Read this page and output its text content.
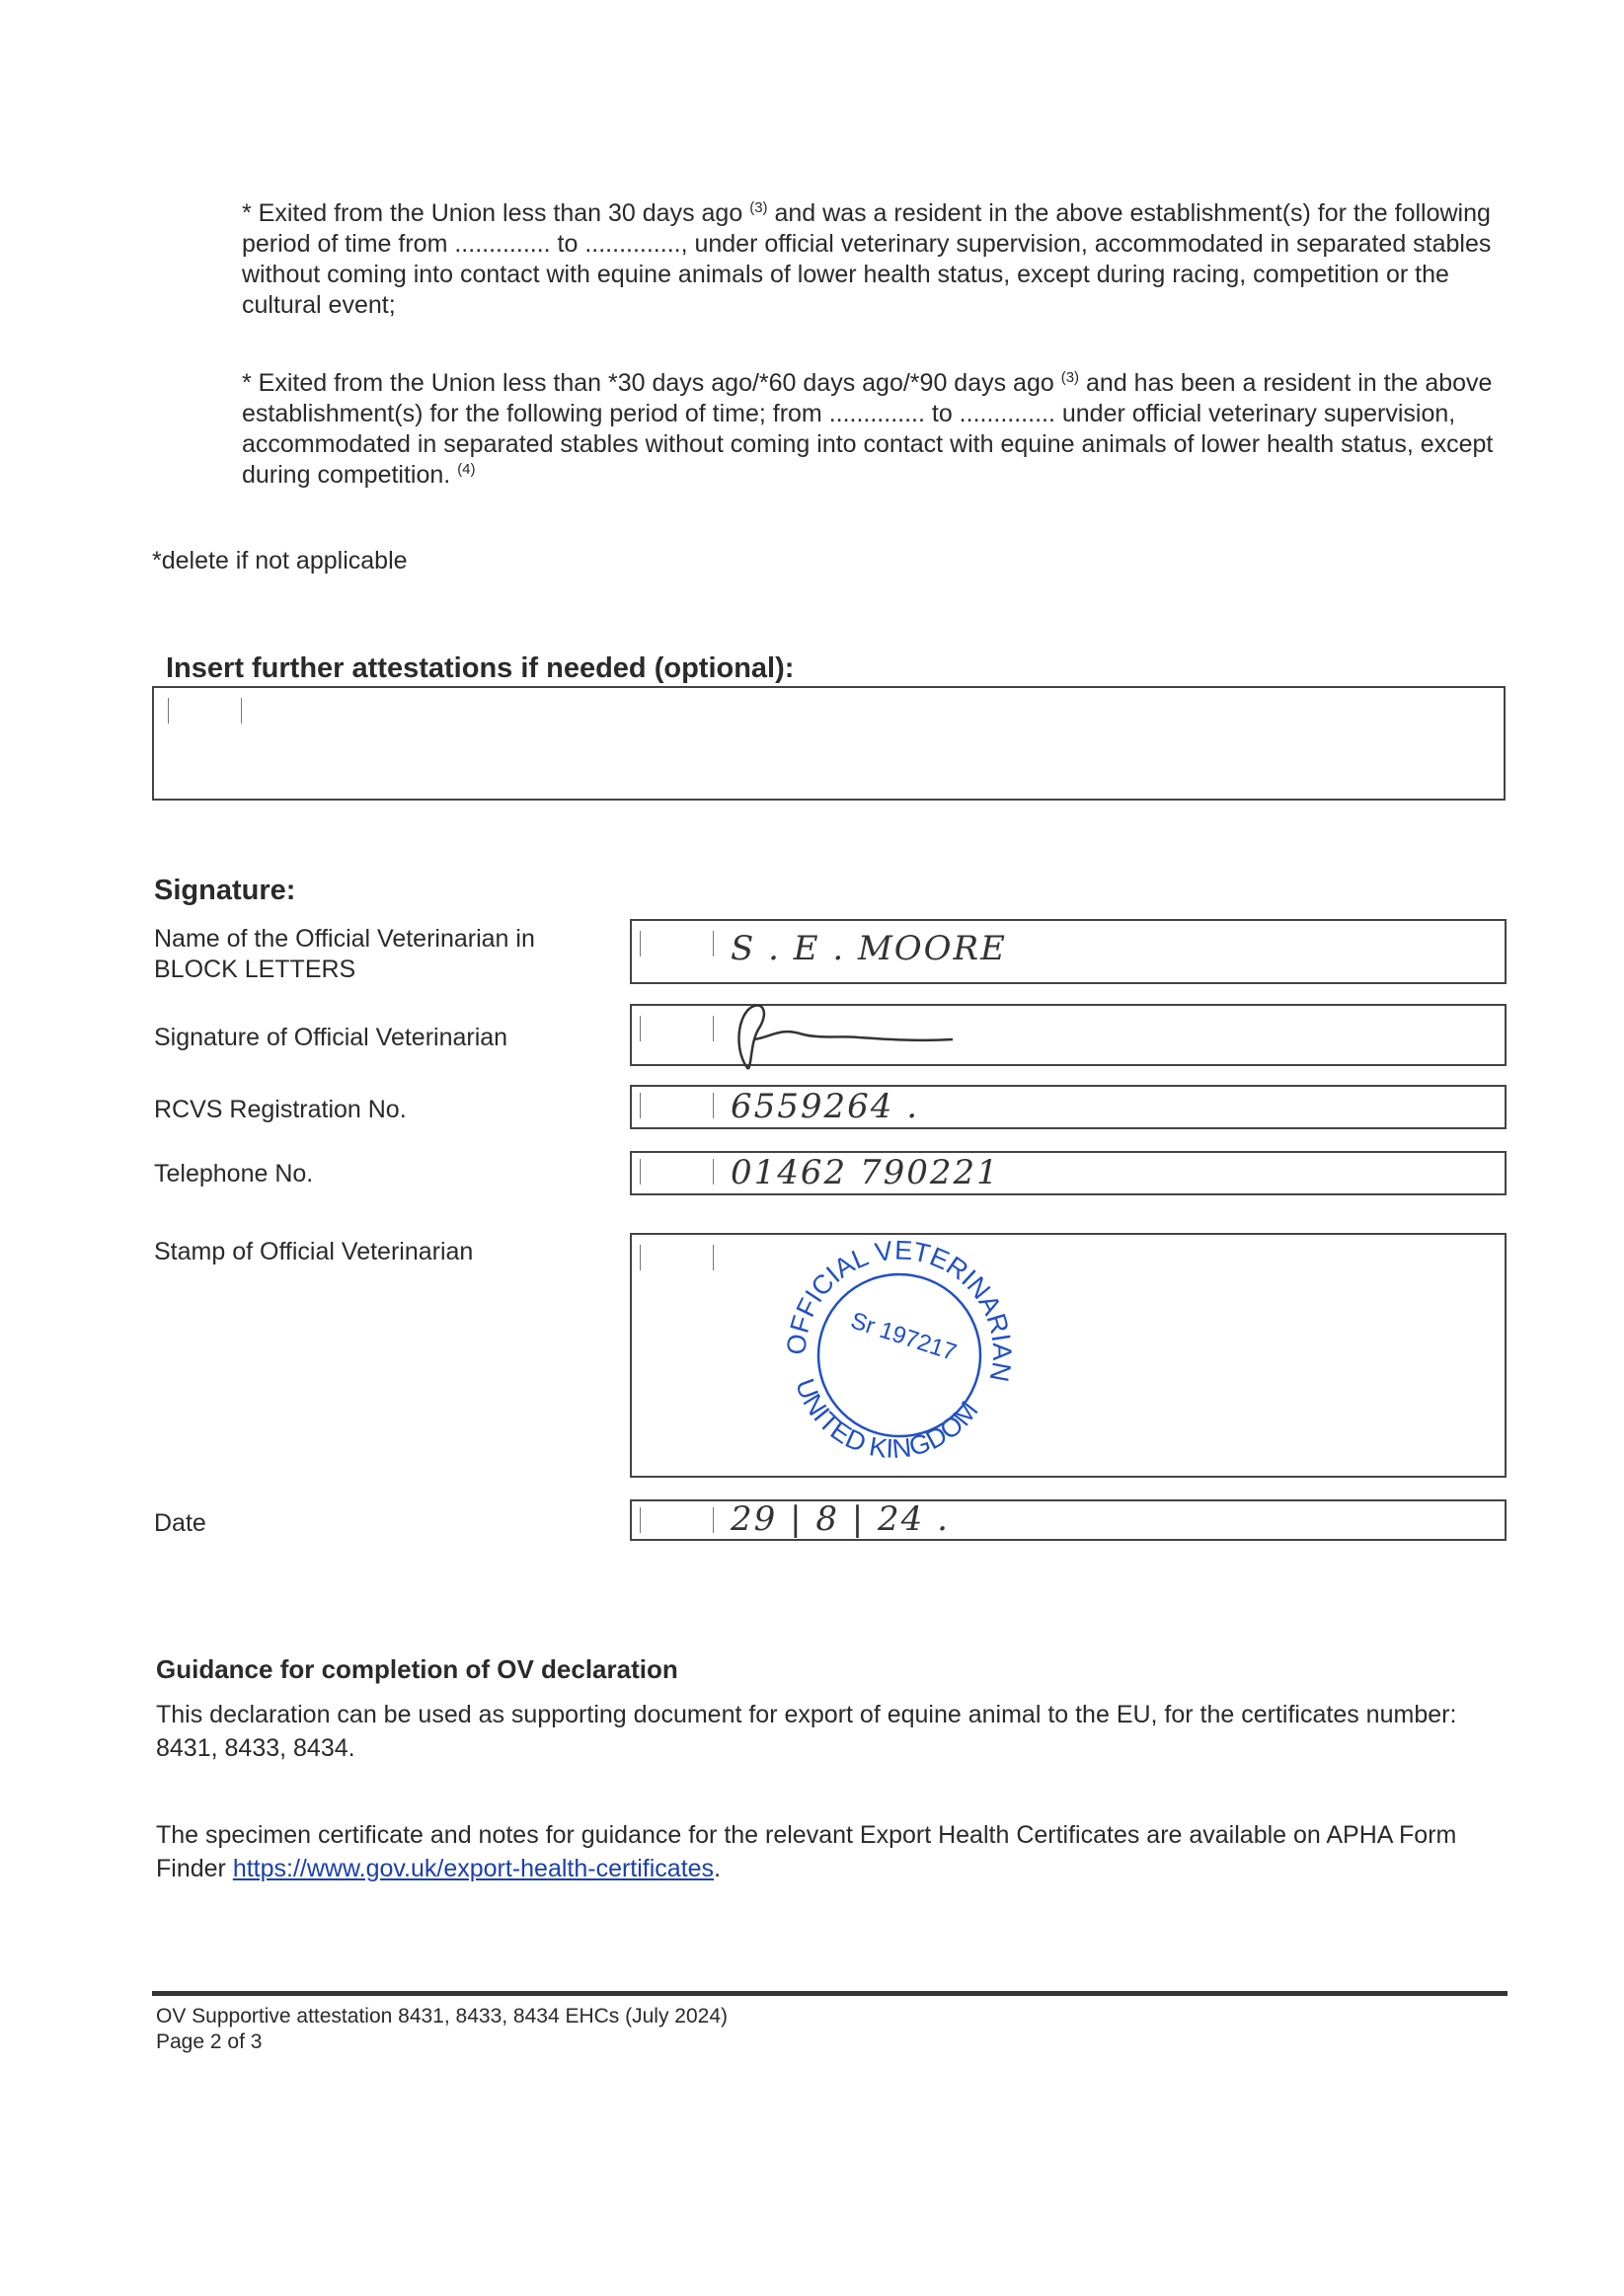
* Exited from the Union less than 30 days ago $^{(3)}$ and was a resident in the above establishment(s) for the following period of time from .............. to .............., under official veterinary supervision, accommodated in separated stables without coming into contact with equine animals of lower health status, except during racing, competition or the cultural event;
* Exited from the Union less than *30 days ago/*60 days ago/*90 days ago $^{(3)}$ and has been a resident in the above establishment(s) for the following period of time; from .............. to .............. under official veterinary supervision, accommodated in separated stables without coming into contact with equine animals of lower health status, except during competition. $^{(4)}$
*delete if not applicable
Insert further attestations if needed (optional):
Signature:
Name of the Official Veterinarian in
BLOCK LETTERS
S . E . MOORE
Signature of Official Veterinarian
RCVS Registration No.	6559264 .
Telephone No.	01462 790221
Stamp of Official Veterinarian
OFFICIAL VETERINARIAN
UNITED KINGDOM
Sr 197217
Date	29 | 8 | 24 .
Guidance for completion of OV declaration
This declaration can be used as supporting document for export of equine animal to the EU, for the certificates number: 8431, 8433, 8434.
The specimen certificate and notes for guidance for the relevant Export Health Certificates are available on APHA Form Finder https://www.gov.uk/export-health-certificates.
OV Supportive attestation 8431, 8433, 8434 EHCs (July 2024)
Page 2 of 3
